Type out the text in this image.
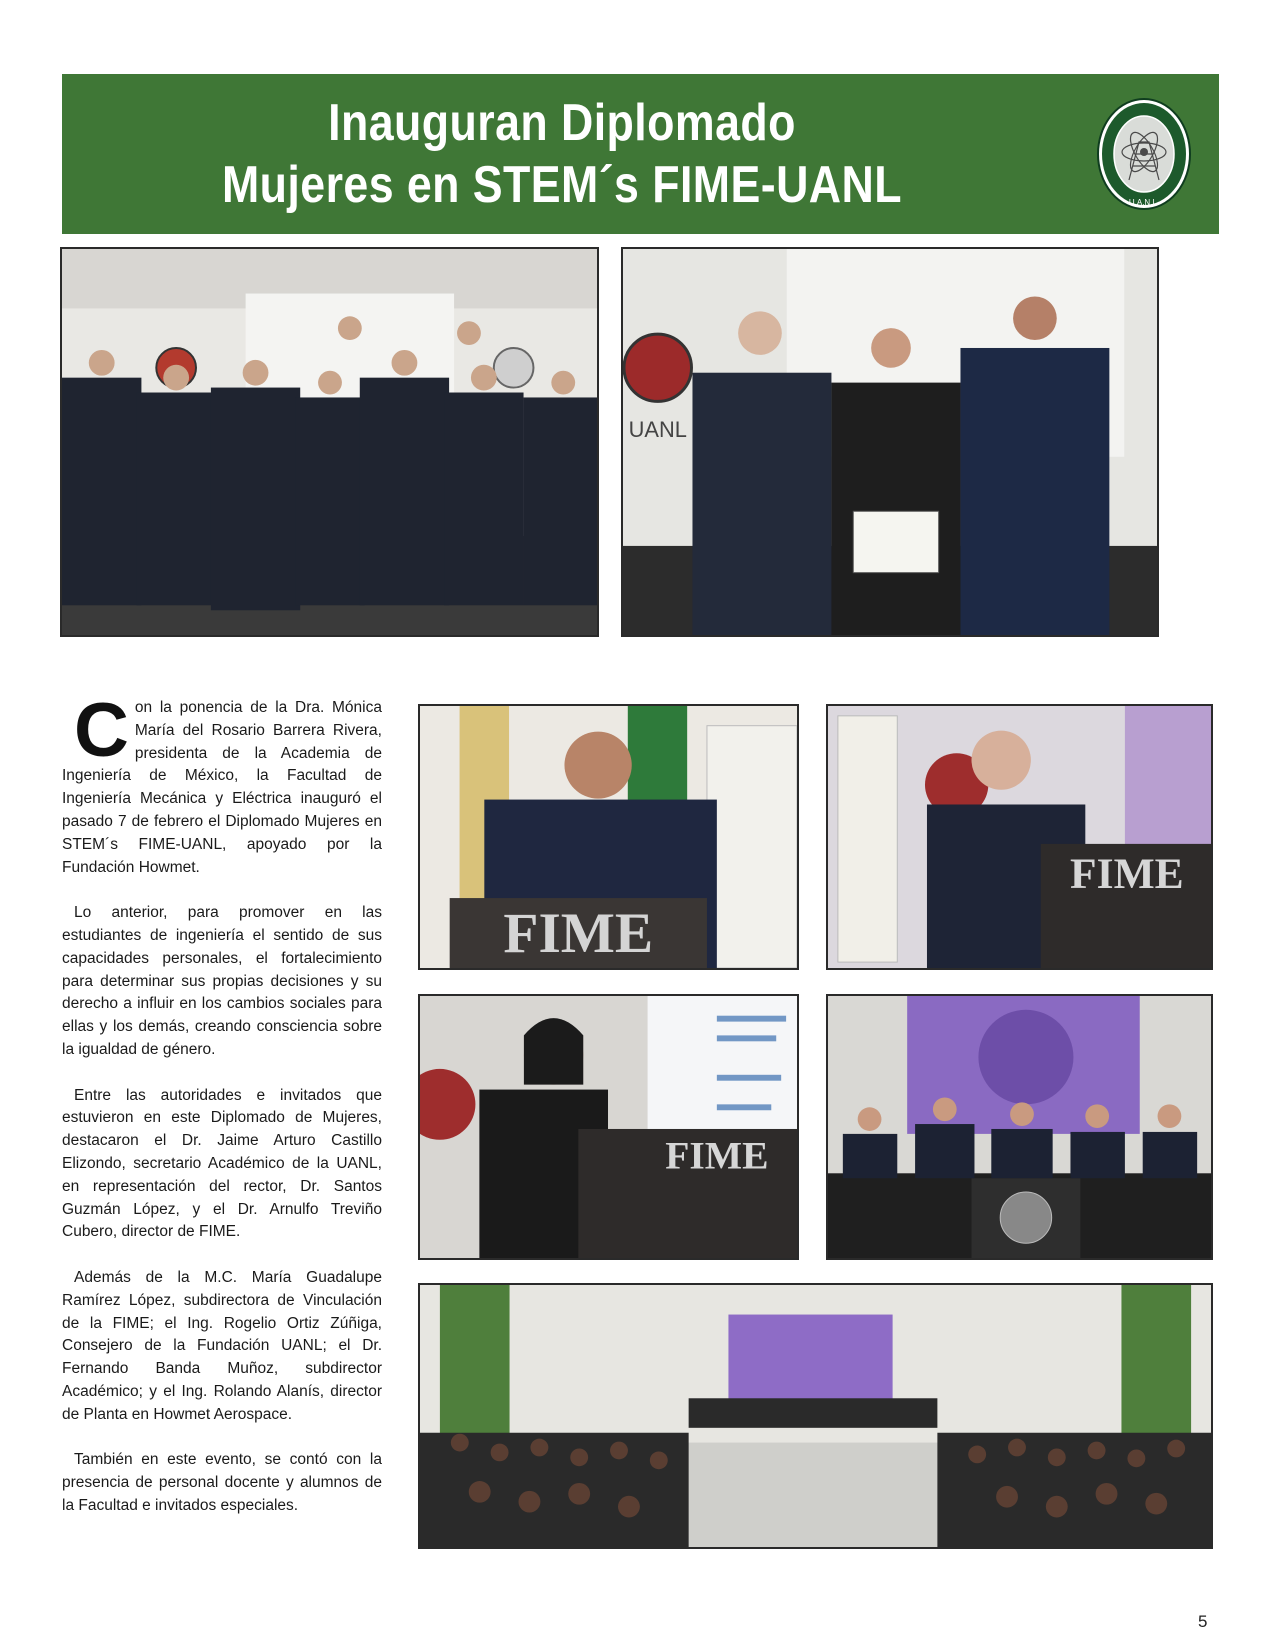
Inauguran Diplomado
Mujeres en STEM´s FIME-UANL	U.A.N.L.
UANL

Con la ponencia de la Dra. Mónica María del Rosario Barrera Rivera, presidenta de la Academia de Ingeniería de México, la Facultad de Ingeniería Mecánica y Eléctrica inauguró el pasado 7 de febrero el Diplomado Mujeres en STEM´s FIME-UANL, apoyado por la Fundación Howmet.

Lo anterior, para promover en las estudiantes de ingeniería el sentido de sus capacidades personales, el fortalecimiento para determinar sus propias decisiones y su derecho a influir en los cambios sociales para ellas y los demás, creando consciencia sobre la igualdad de género.

Entre las autoridades e invitados que estuvieron en este Diplomado de Mujeres, destacaron el Dr. Jaime Arturo Castillo Elizondo, secretario Académico de la UANL, en representación del rector, Dr. Santos Guzmán López, y el Dr. Arnulfo Treviño Cubero, director de FIME.

Además de la M.C. María Guadalupe Ramírez López, subdirectora de Vinculación de la FIME; el Ing. Rogelio Ortiz Zúñiga, Consejero de la Fundación UANL; el Dr. Fernando Banda Muñoz, subdirector Académico; y el Ing. Rolando Alanís, director de Planta en Howmet Aerospace.

También en este evento, se contó con la presencia de personal docente y alumnos de la Facultad e invitados especiales.

FIME
FIME
FIME
5
